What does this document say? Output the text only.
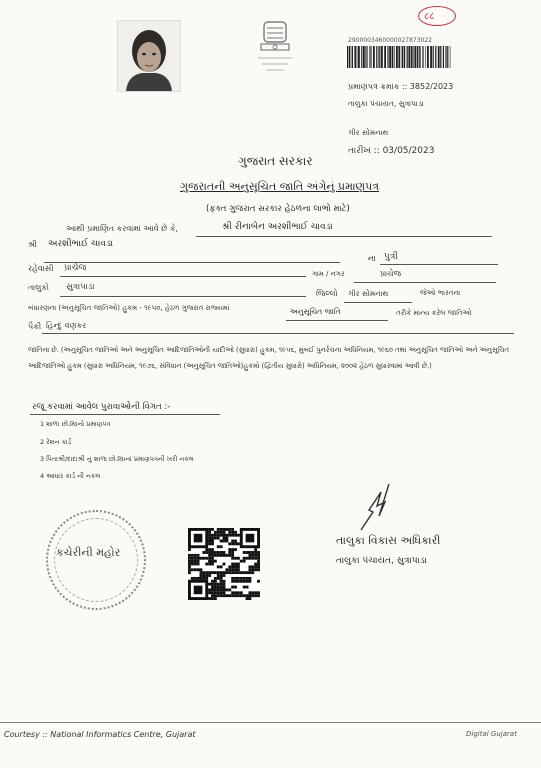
८८
2900003460000027873022
પ્રમાણપત્ર ક્રમાંક :: 3852/2023
તાલુકા પંચાયત, સુત્રાપાડા
ગીર સોમનાથ
તારીખ :: 03/05/2023
ગુજરાત સરકાર
ગુજરાતની અનુસૂચિત જાતિ અંગેનું પ્રમાણપત્ર
(ફક્ત ગુજરાત સરકાર હેઠળના લાભો માટે)
આથી પ્રમાણિત કરવામાં આવે છે કે,	શ્રી રીનાબેન અરશીભાઈ ચાવડા
શ્રી અરશીભાઈ ચાવડા
ના પુત્રી
રહેવાસી પ્રાચેજ
ગામ / નગર	પ્રાચેજ
તાલુકો સુત્રાપાડા
જિલ્લો ગીર સોમનાથ	જેઓ ભારતના
બંધારણના (અનુસૂચિત જાતિઓ) હુકમ - ૧૯૫૦, હેઠળ ગુજરાત રાજ્યમાં	અનુસૂચિત જાતિ	તરીકે માન્ય કરેલ જાતિઓ
પૈકી હિન્દુ વણકર
જાતિના છે. (અનુસૂચિત જાતિઓ અને અનુસૂચિત આદિજાતિઓની યાદીઓ (સુધારા) હુકમ, ૧૯૫૬, મુંબઈ પુનર્રચના અધિનિયમ, ૧૯૬૦ તથા અનુસૂચિત જાતિઓ અને અનુસૂચિત આદિજાતિઓ હુકમ (સુધારા અધિનિયમ, ૧૯૭૬, સંવિધાન (અનુસૂચિત જાતિઓ)હુકમો (દ્વિતીય સુધારો) અધિનિયમ, ૨૦૦૨ હેઠળ સુધારવામાં આવી છે.)
રજૂ કરવામાં આવેલ પુરાવાઓની વિગત :-
1 શાળા છોડ્યાનો પ્રમાણપત્ર
2 રેશન કાર્ડ
3 પિતાશ્રી/દાદાશ્રી નું શાળા છોડ્યાનાં પ્રમાણપત્રની ખરી નકલ
4 આધાર કાર્ડ ની નકલ
કચેરીની મહોર
તાલુકા વિકાસ અધિકારી
તાલુકા પંચાયત, સુત્રાપાડા
Courtesy :: National Informatics Centre, Gujarat	Digital Gujarat
